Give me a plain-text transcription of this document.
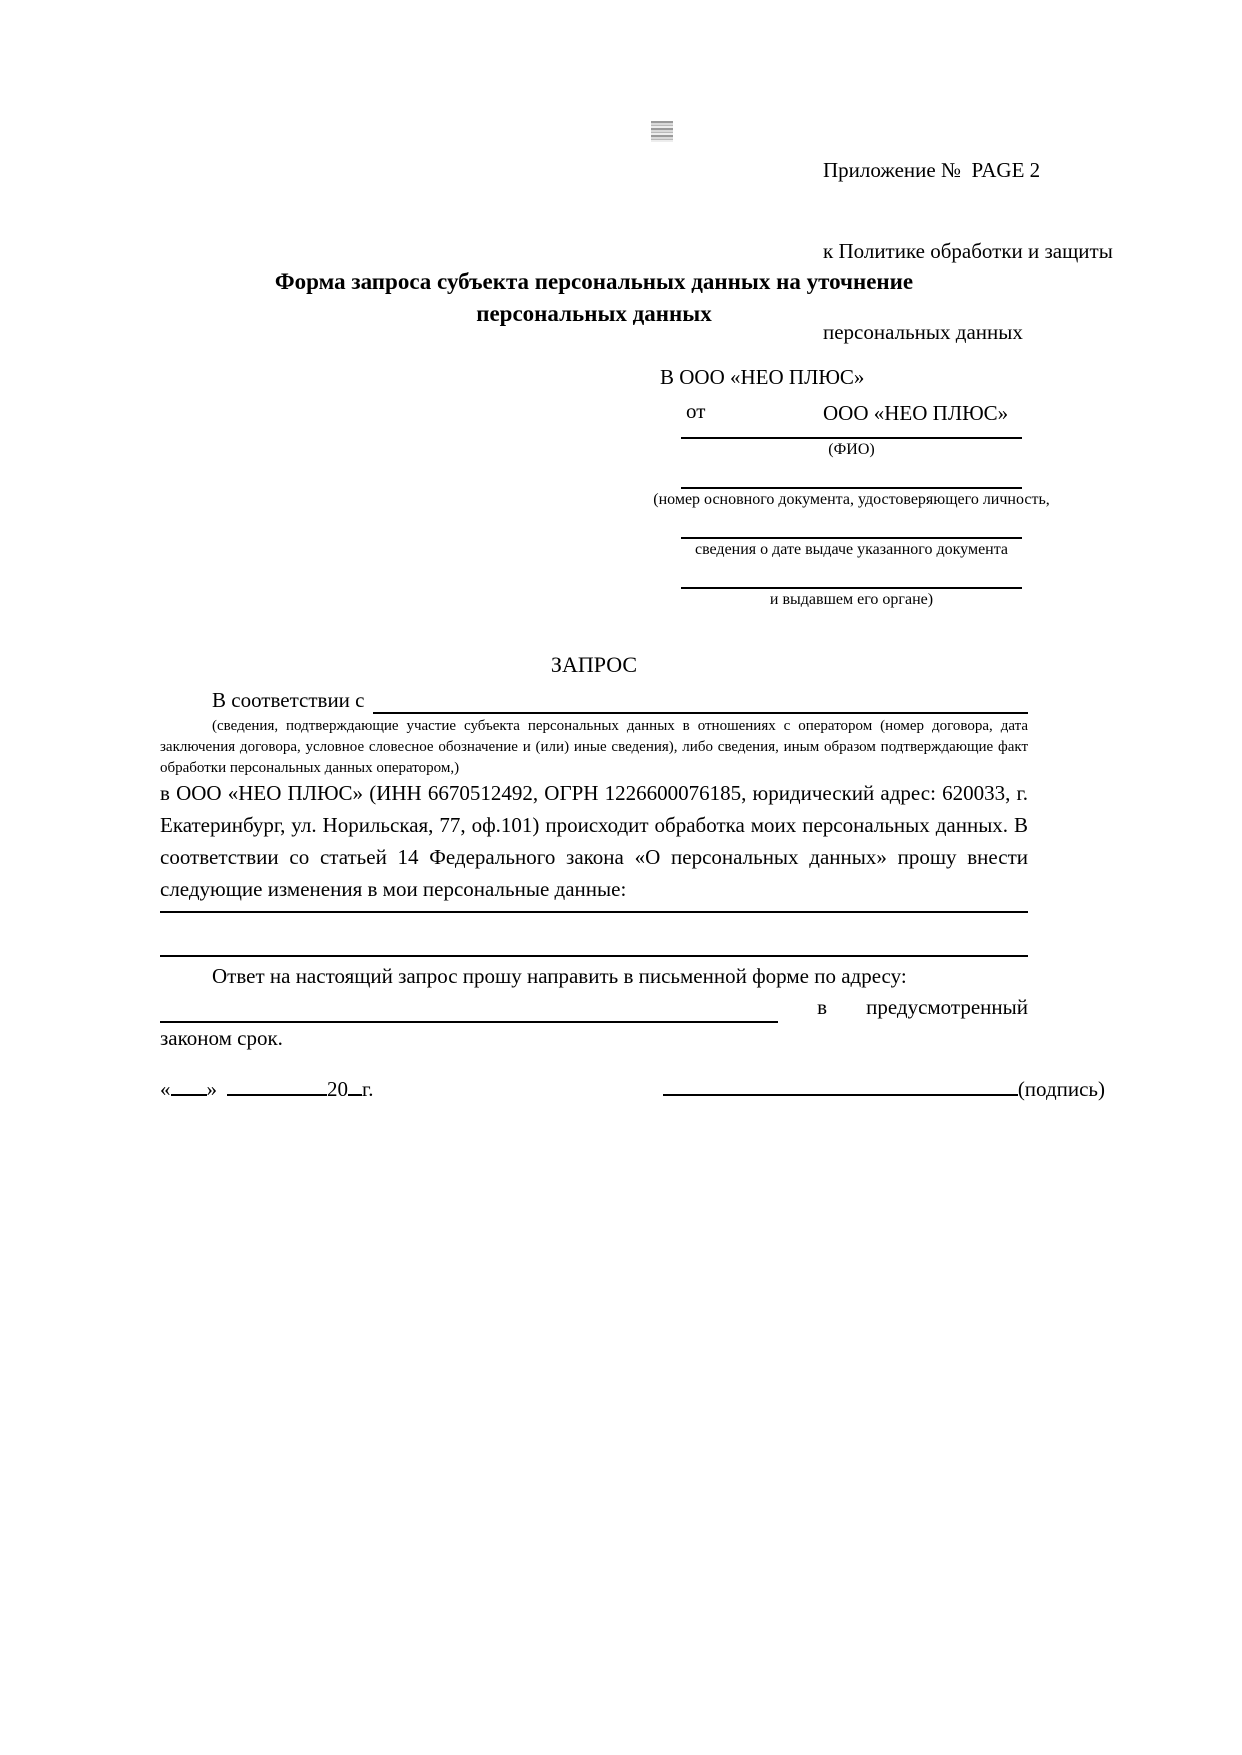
Приложение №  PAGE 2

к Политике обработки и защиты

персональных данных

ООО «НЕО ПЛЮС»

Форма запроса субъекта персональных данных на уточнение
персональных данных
В ООО «НЕО ПЛЮС»
от
(ФИО)
(номер основного документа, удостоверяющего личность,
сведения о дате выдаче указанного документа
и выдавшем его органе)
ЗАПРОС
В соответствии с
(сведения, подтверждающие участие субъекта персональных данных в отношениях с оператором (номер договора, дата заключения договора, условное словесное обозначение и (или) иные сведения), либо сведения, иным образом подтверждающие факт обработки персональных данных оператором,)
в ООО «НЕО ПЛЮС» (ИНН 6670512492, ОГРН 1226600076185, юридический адрес: 620033, г. Екатеринбург, ул. Норильская, 77, оф.101) происходит обработка моих персональных данных. В соответствии со статьей 14 Федерального закона «О персональных данных» прошу внести следующие изменения в мои персональные данные:
Ответ на настоящий запрос прошу направить в письменной форме по адресу:
в предусмотренный
законом срок.
« »	20 г.	(подпись)
